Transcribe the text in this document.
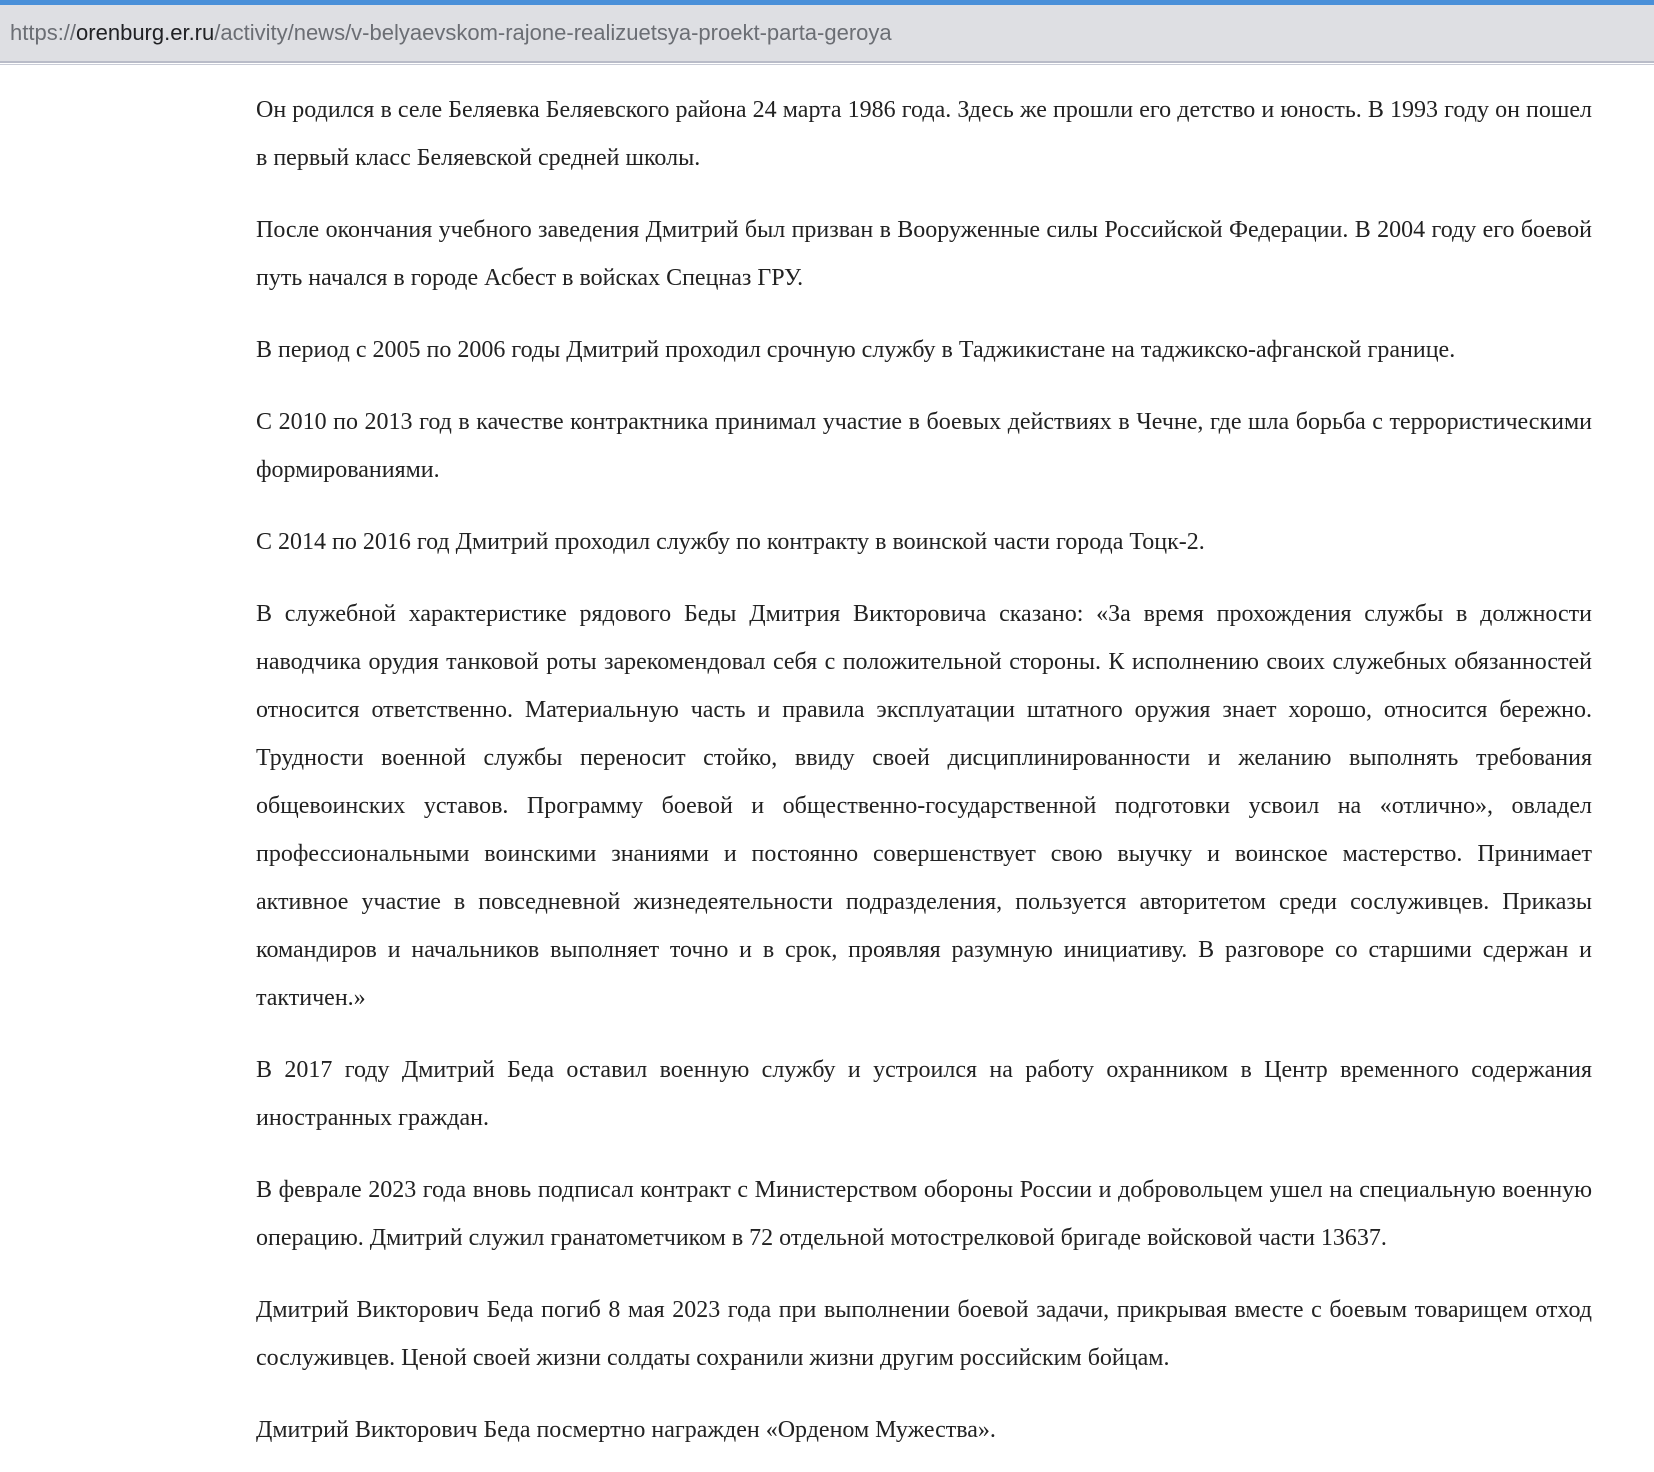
https:// orenburg.er.ru /activity/news/v-belyaevskom-rajone-realizuetsya-proekt-parta-geroya

Он родился в селе Беляевка Беляевского района 24 марта 1986 года. Здесь же прошли его детство и юность. В 1993 году он пошел в первый класс Беляевской средней школы.

После окончания учебного заведения Дмитрий был призван в Вооруженные силы Российской Федерации. В 2004 году его боевой путь начался в городе Асбест в войсках Спецназ ГРУ.

В период с 2005 по 2006 годы Дмитрий проходил срочную службу в Таджикистане на таджикско-афганской границе.

С 2010 по 2013 год в качестве контрактника принимал участие в боевых действиях в Чечне, где шла борьба с террористическими формированиями.

С 2014 по 2016 год Дмитрий проходил службу по контракту в воинской части города Тоцк-2.

В служебной характеристике рядового Беды Дмитрия Викторовича сказано: «За время прохождения службы в должности наводчика орудия танковой роты зарекомендовал себя с положительной стороны. К исполнению своих служебных обязанностей относится ответственно. Материальную часть и правила эксплуатации штатного оружия знает хорошо, относится бережно. Трудности военной службы переносит стойко, ввиду своей дисциплинированности и желанию выполнять требования общевоинских уставов. Программу боевой и общественно-государственной подготовки усвоил на «отлично», овладел профессиональными воинскими знаниями и постоянно совершенствует свою выучку и воинское мастерство. Принимает активное участие в повседневной жизнедеятельности подразделения, пользуется авторитетом среди сослуживцев. Приказы командиров и начальников выполняет точно и в срок, проявляя разумную инициативу. В разговоре со старшими сдержан и тактичен.»

В 2017 году Дмитрий Беда оставил военную службу и устроился на работу охранником в Центр временного содержания иностранных граждан.

В феврале 2023 года вновь подписал контракт с Министерством обороны России и добровольцем ушел на специальную военную операцию. Дмитрий служил гранатометчиком в 72 отдельной мотострелковой бригаде войсковой части 13637.

Дмитрий Викторович Беда погиб 8 мая 2023 года при выполнении боевой задачи, прикрывая вместе с боевым товарищем отход сослуживцев. Ценой своей жизни солдаты сохранили жизни другим российским бойцам.

Дмитрий Викторович Беда посмертно награжден «Орденом Мужества».
